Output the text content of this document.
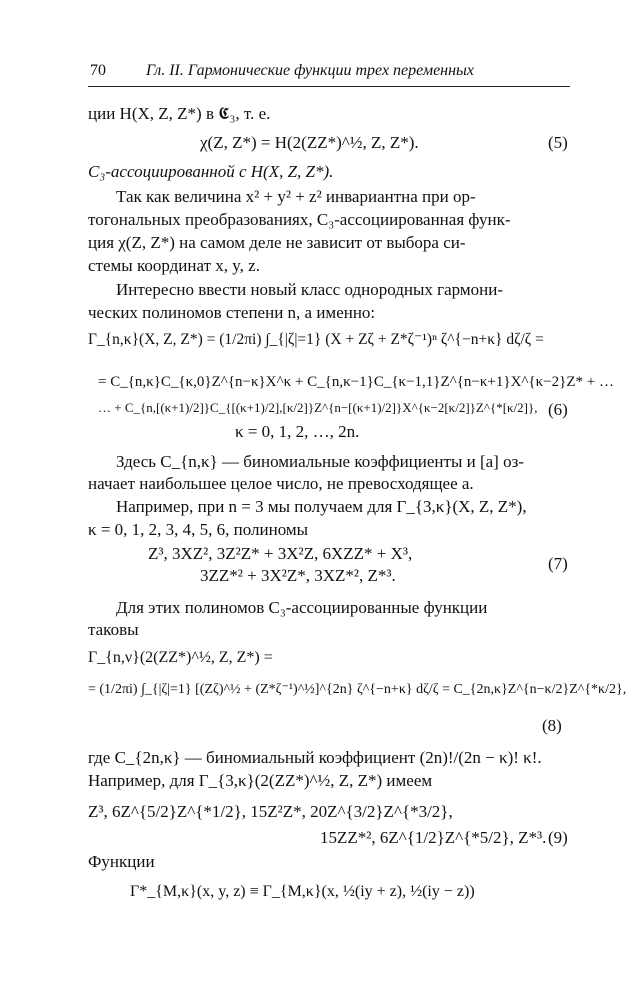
70	Гл. II. Гармонические функции трех переменных
ции H(X, Z, Z*) в 𝕮₃, т. е.
χ(Z, Z*) = H(2(ZZ*)^½, Z, Z*).	(5)
C₃-ассоциированной с H(X, Z, Z*).
Так как величина x² + y² + z² инвариантна при ор-
тогональных преобразованиях, C₃-ассоциированная функ-
ция χ(Z, Z*) на самом деле не зависит от выбора си-
стемы координат x, y, z.
Интересно ввести новый класс однородных гармони-
ческих полиномов степени n, а именно:
Γ_{n,κ}(X, Z, Z*) = (1/2πi) ∫_{|ζ|=1} (X + Zζ + Z*ζ⁻¹)ⁿ ζ^{−n+κ} dζ/ζ =
= C_{n,κ}C_{κ,0}Z^{n−κ}X^κ + C_{n,κ−1}C_{κ−1,1}Z^{n−κ+1}X^{κ−2}Z* + …
… + C_{n,[(κ+1)/2]}C_{[(κ+1)/2],[κ/2]}Z^{n−[(κ+1)/2]}X^{κ−2[κ/2]}Z^{*[κ/2]},
κ = 0, 1, 2, …, 2n.
(6)
Здесь C_{n,κ} — биномиальные коэффициенты и [a] оз-
начает наибольшее целое число, не превосходящее a.
Например, при n = 3 мы получаем для Γ_{3,κ}(X, Z, Z*),
κ = 0, 1, 2, 3, 4, 5, 6, полиномы
Z³, 3XZ², 3Z²Z* + 3X²Z, 6XZZ* + X³,
3ZZ*² + 3X²Z*, 3XZ*², Z*³.
(7)
Для этих полиномов C₃-ассоциированные функции
таковы
Γ_{n,ν}(2(ZZ*)^½, Z, Z*) =
= (1/2πi) ∫_{|ζ|=1} [(Zζ)^½ + (Z*ζ⁻¹)^½]^{2n} ζ^{−n+κ} dζ/ζ = C_{2n,κ}Z^{n−κ/2}Z^{*κ/2},
(8)
где C_{2n,κ} — биномиальный коэффициент (2n)!/(2n − κ)! κ!.
Например, для Γ_{3,κ}(2(ZZ*)^½, Z, Z*) имеем
Z³, 6Z^{5/2}Z^{*1/2}, 15Z²Z*, 20Z^{3/2}Z^{*3/2},
15ZZ*², 6Z^{1/2}Z^{*5/2}, Z*³. (9)
Функции
Γ*_{M,κ}(x, y, z) ≡ Γ_{M,κ}(x, ½(iy + z), ½(iy − z))
